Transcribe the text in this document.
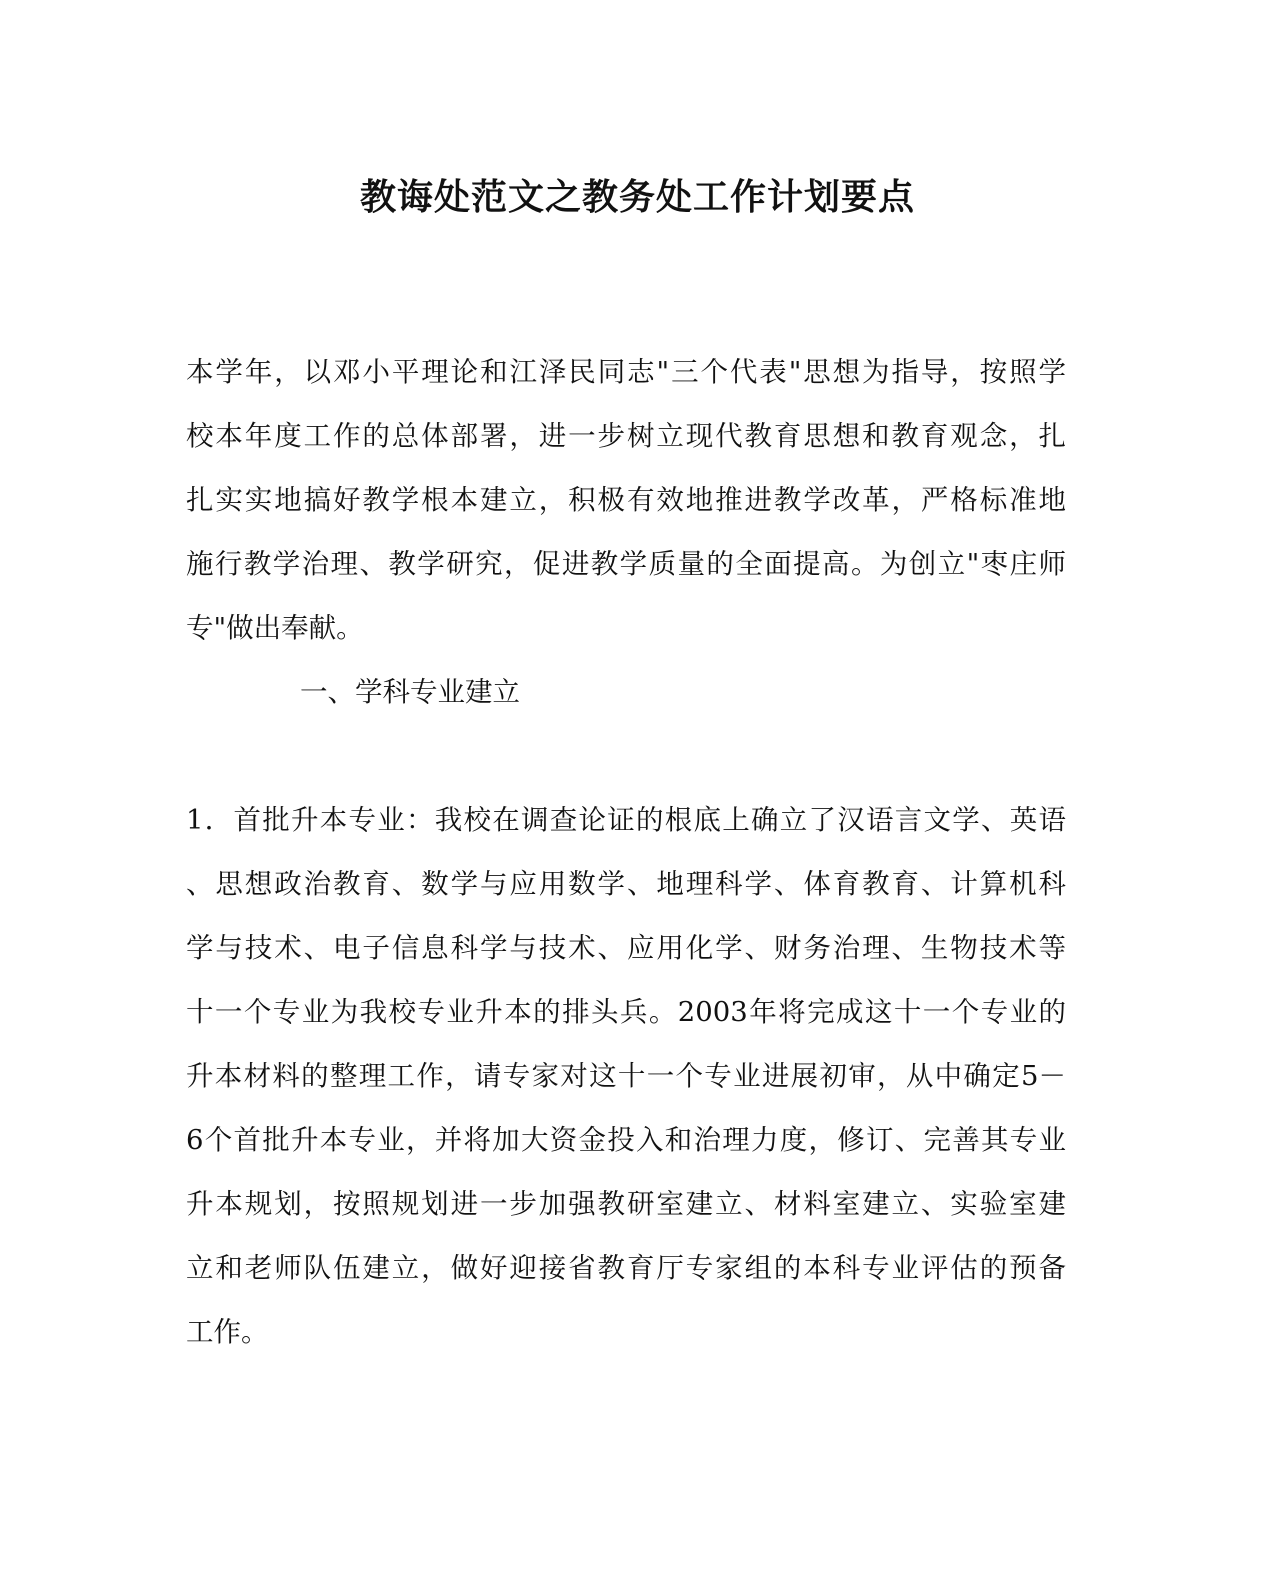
教诲处范文之教务处工作计划要点
本学年，以邓小平理论和江泽民同志"三个代表"思想为指导，按照学
校本年度工作的总体部署，进一步树立现代教育思想和教育观念，扎
扎实实地搞好教学根本建立，积极有效地推进教学改革，严格标准地
施行教学治理、教学研究，促进教学质量的全面提高。为创立"枣庄师
专"做出奉献。

一、学科专业建立

1．首批升本专业：我校在调查论证的根底上确立了汉语言文学、英语
、思想政治教育、数学与应用数学、地理科学、体育教育、计算机科
学与技术、电子信息科学与技术、应用化学、财务治理、生物技术等
十一个专业为我校专业升本的排头兵。2003年将完成这十一个专业的
升本材料的整理工作，请专家对这十一个专业进展初审，从中确定5－
6个首批升本专业，并将加大资金投入和治理力度，修订、完善其专业
升本规划，按照规划进一步加强教研室建立、材料室建立、实验室建
立和老师队伍建立，做好迎接省教育厅专家组的本科专业评估的预备
工作。
